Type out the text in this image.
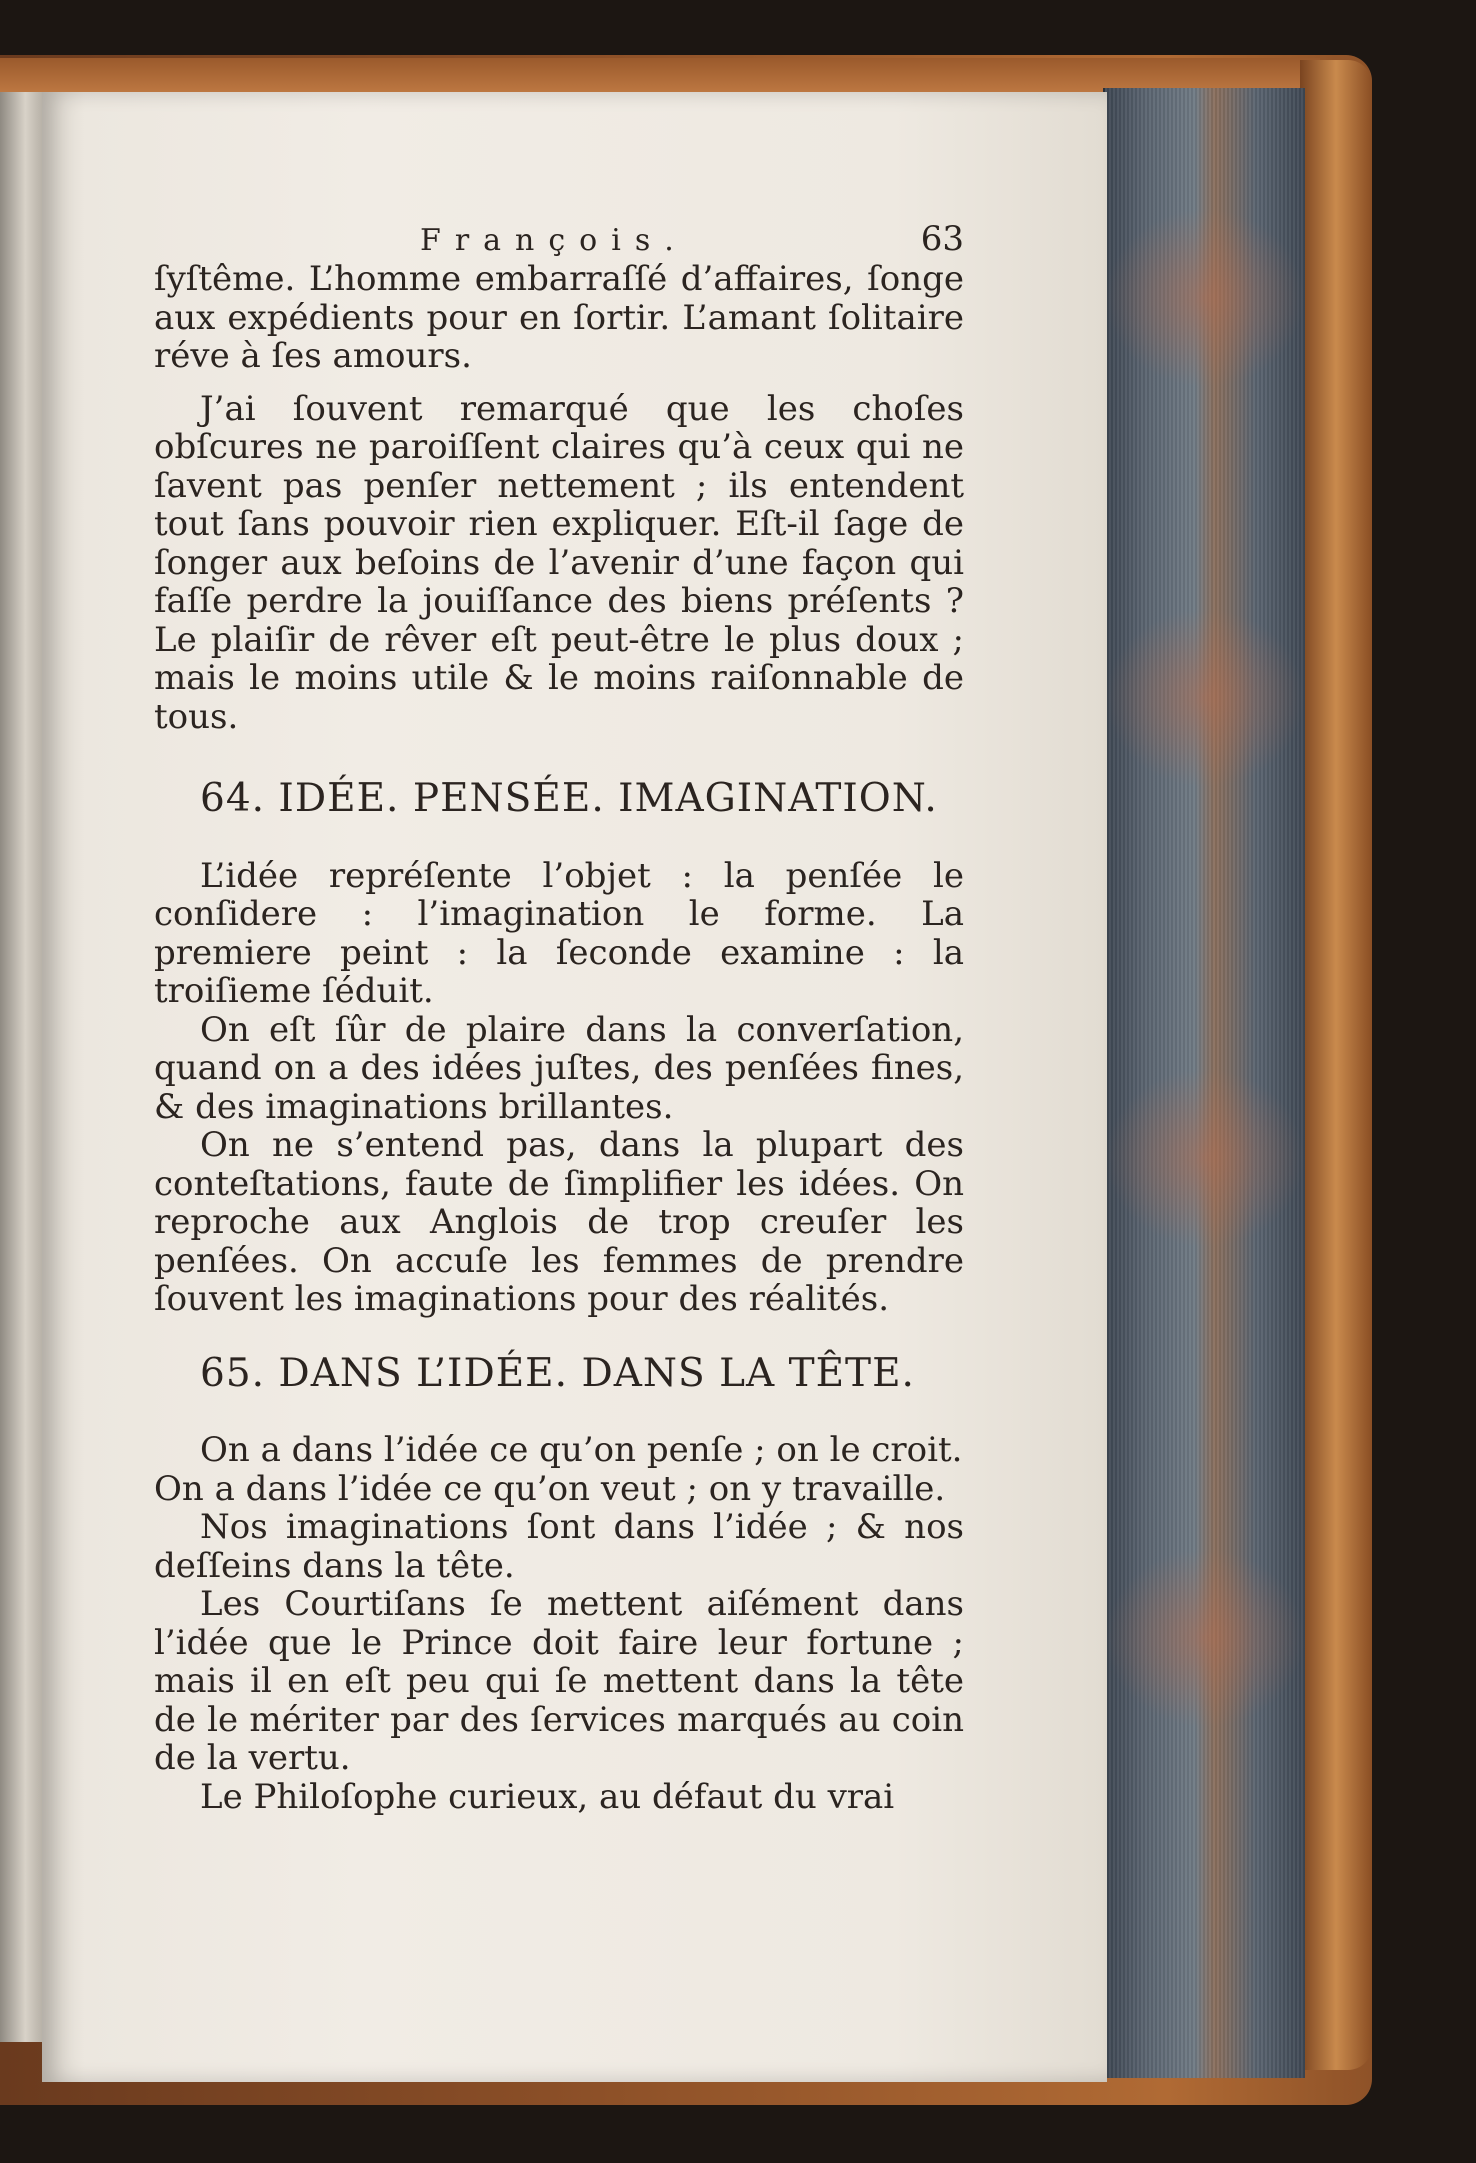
François.	63

ſyſtême. L’homme embarraſſé d’affaires, ſonge aux expédients pour en ſortir. L’amant ſolitaire réve à ſes amours.

J’ai ſouvent remarqué que les choſes obſcures ne paroiſſent claires qu’à ceux qui ne ſavent pas penſer nettement ; ils entendent tout ſans pouvoir rien expliquer. Eſt-il ſage de ſonger aux beſoins de l’avenir d’une façon qui faſſe perdre la jouiſſance des biens préſents ? Le plaiſir de rêver eſt peut-être le plus doux ; mais le moins utile & le moins raiſonnable de tous.

64. IDÉE. PENSÉE. IMAGINATION.

L’idée repréſente l’objet : la penſée le conſidere : l’imagination le forme. La premiere peint : la ſeconde examine : la troiſieme ſéduit.

On eſt ſûr de plaire dans la converſation, quand on a des idées juſtes, des penſées fines, & des imaginations brillantes.

On ne s’entend pas, dans la plupart des conteſtations, faute de ſimplifier les idées. On reproche aux Anglois de trop creuſer les penſées. On accuſe les femmes de prendre ſouvent les imaginations pour des réalités.

65. DANS L’IDÉE. DANS LA TÊTE.

On a dans l’idée ce qu’on penſe ; on le croit.

On a dans l’idée ce qu’on veut ; on y travaille.

Nos imaginations ſont dans l’idée ; & nos deſſeins dans la tête.

Les Courtiſans ſe mettent aiſément dans l’idée que le Prince doit faire leur fortune ; mais il en eſt peu qui ſe mettent dans la tête de le mériter par des ſervices marqués au coin de la vertu.

Le Philoſophe curieux, au défaut du vrai
